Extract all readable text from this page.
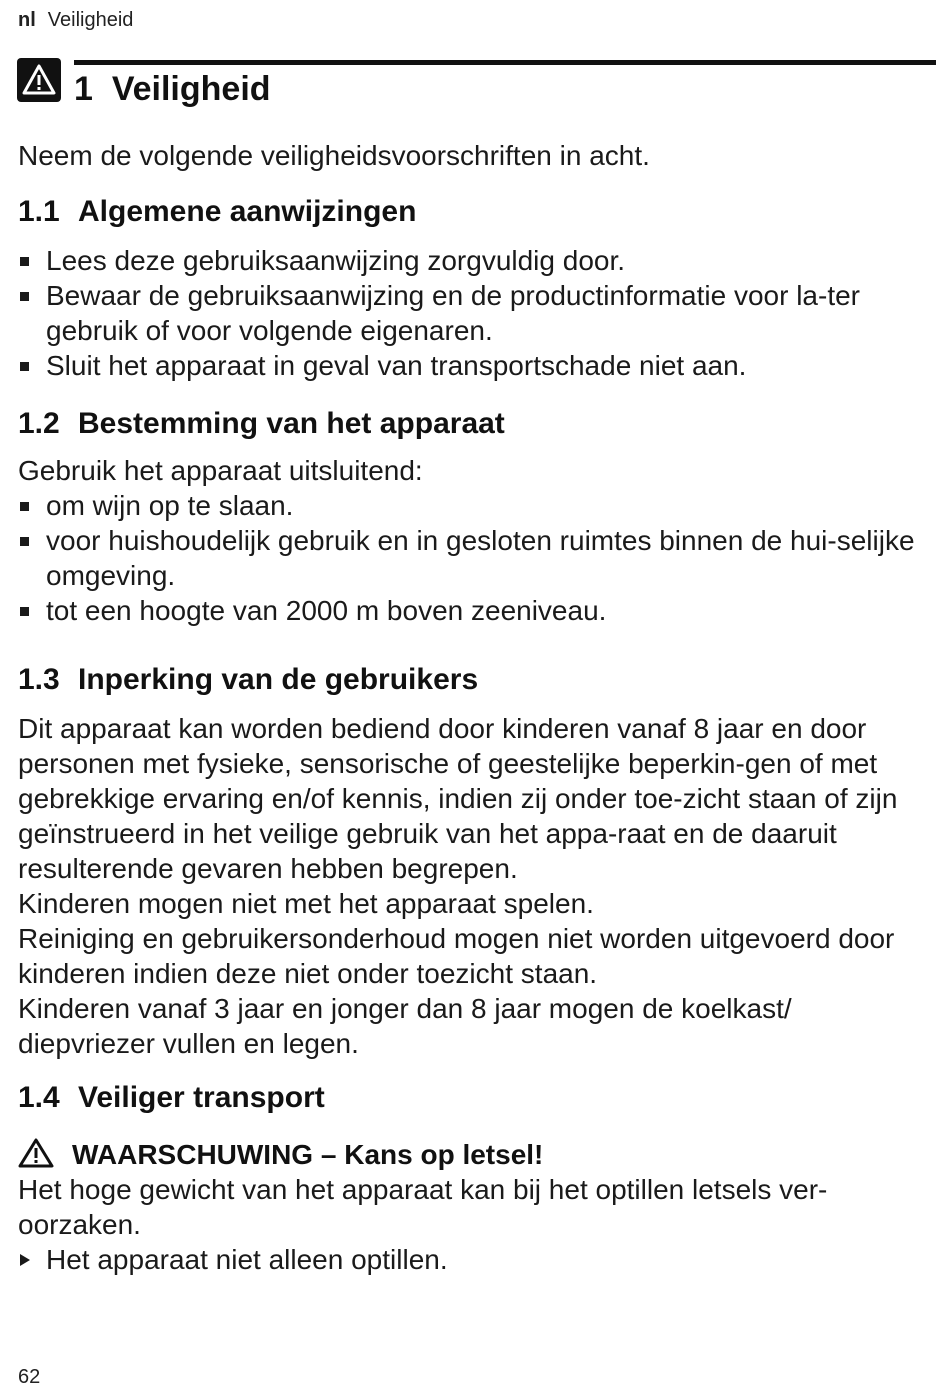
nl Veiligheid
1 Veiligheid

Neem de volgende veiligheidsvoorschriften in acht.

1.1 Algemene aanwijzingen
Lees deze gebruiksaanwijzing zorgvuldig door.
Bewaar de gebruiksaanwijzing en de productinformatie voor la-ter gebruik of voor volgende eigenaren.
Sluit het apparaat in geval van transportschade niet aan.
1.2 Bestemming van het apparaat

Gebruik het apparaat uitsluitend:

om wijn op te slaan.
voor huishoudelijk gebruik en in gesloten ruimtes binnen de hui-selijke omgeving.
tot een hoogte van 2000 m boven zeeniveau.
1.3 Inperking van de gebruikers

Dit apparaat kan worden bediend door kinderen vanaf 8 jaar en door personen met fysieke, sensorische of geestelijke beperkin-gen of met gebrekkige ervaring en/of kennis, indien zij onder toe-zicht staan of zijn geïnstrueerd in het veilige gebruik van het appa-raat en de daaruit resulterende gevaren hebben begrepen.

Kinderen mogen niet met het apparaat spelen.

Reiniging en gebruikersonderhoud mogen niet worden uitgevoerd door kinderen indien deze niet onder toezicht staan.

Kinderen vanaf 3 jaar en jonger dan 8 jaar mogen de koelkast/ diepvriezer vullen en legen.

1.4 Veiliger transport
WAARSCHUWING – Kans op letsel!

Het hoge gewicht van het apparaat kan bij het optillen letsels ver-oorzaken.

Het apparaat niet alleen optillen.
62
